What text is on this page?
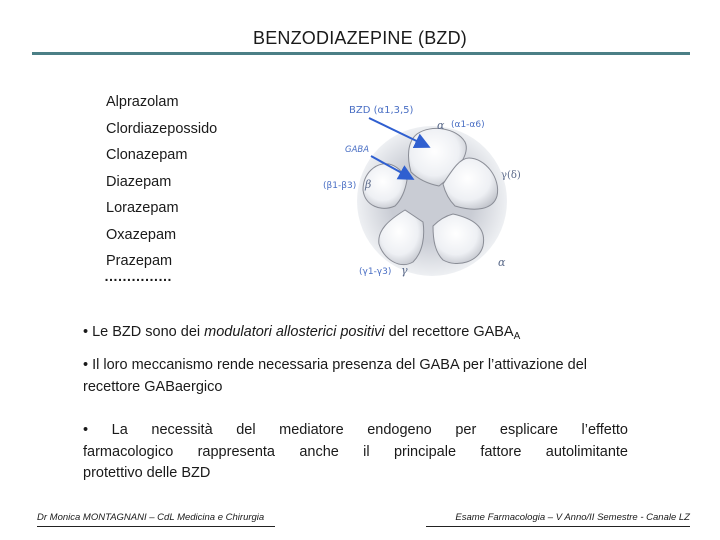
BENZODIAZEPINE (BZD)
Alprazolam
Clordiazepossido
Clonazepam
Diazepam
Lorazepam
Oxazepam
Prazepam
……………
BZD (α1,3,5)
GABA
α (α1-α6)
γ(δ)
(β1-β3) β
α
(γ1-γ3) γ
• Le BZD sono dei modulatori allosterici positivi del recettore $GABA_A$
• Il loro meccanismo rende necessaria presenza del GABA per l’attivazione del recettore GABaergico
• La necessità del mediatore endogeno per esplicare l’effetto
farmacologico rappresenta anche il principale fattore autolimitante
protettivo delle BZD
Dr Monica MONTAGNANI – CdL Medicina e Chirurgia	Esame Farmacologia – V Anno/II Semestre - Canale LZ
